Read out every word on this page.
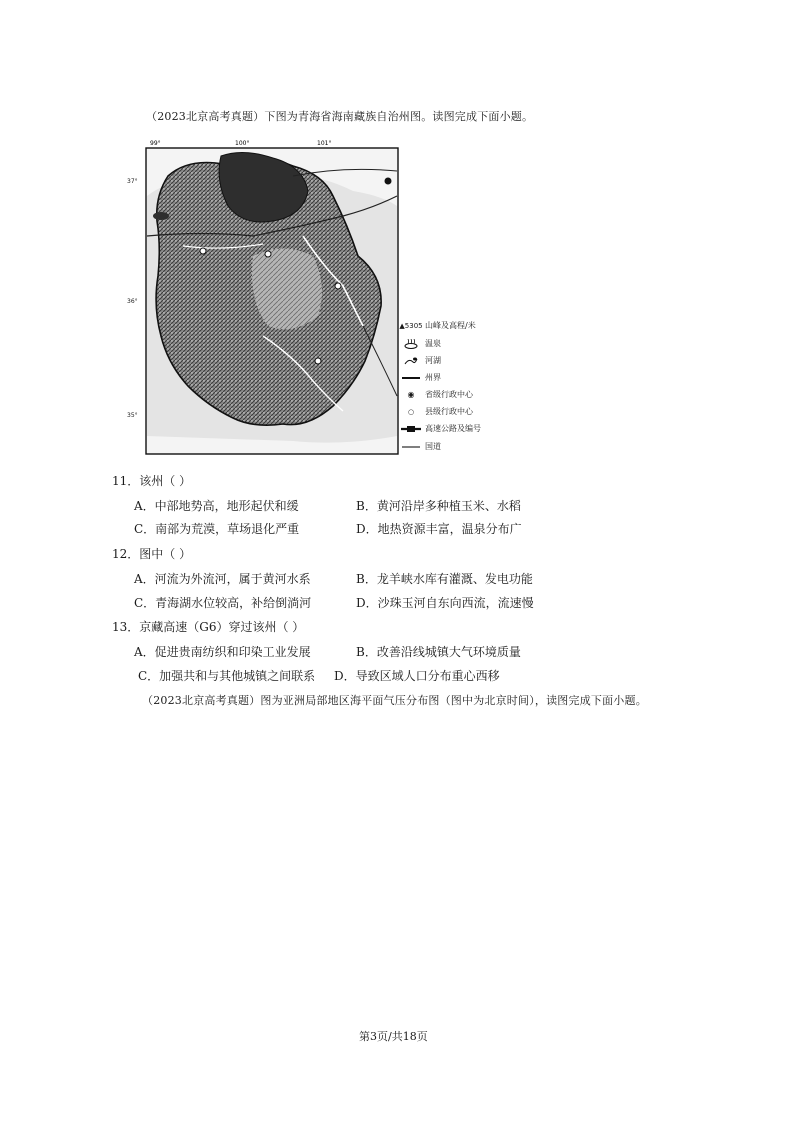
（2023北京高考真题）下图为青海省海南藏族自治州图。读图完成下面小题。
99°	100°	101°
37°
36°
35°
▲5305 山峰及高程/米
温泉
河湖
州界
◉	省级行政中心
○	县级行政中心
高速公路及编号
国道
11．该州（ ）
A．中部地势高，地形起伏和缓	B．黄河沿岸多种植玉米、水稻
C．南部为荒漠，草场退化严重	D．地热资源丰富，温泉分布广
12．图中（ ）
A．河流为外流河，属于黄河水系	B．龙羊峡水库有灌溉、发电功能
C．青海湖水位较高，补给倒淌河	D．沙珠玉河自东向西流，流速慢
13．京藏高速（G6）穿过该州（ ）
A．促进贵南纺织和印染工业发展	B．改善沿线城镇大气环境质量
C．加强共和与其他城镇之间联系 D．导致区域人口分布重心西移
（2023北京高考真题）图为亚洲局部地区海平面气压分布图（图中为北京时间），读图完成下面小题。
第3页/共18页
